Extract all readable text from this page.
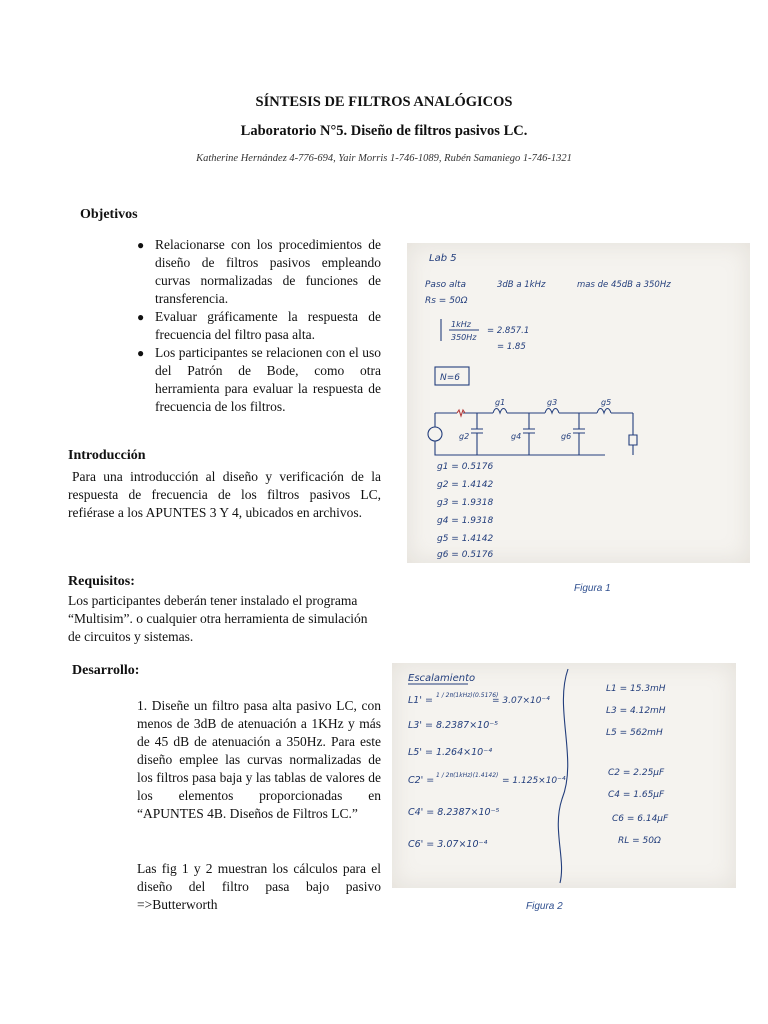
SÍNTESIS DE FILTROS ANALÓGICOS
Laboratorio N°5. Diseño de filtros pasivos LC.
Katherine Hernández 4-776-694, Yair Morris 1-746-1089, Rubén Samaniego 1-746-1321
Objetivos
● Relacionarse con los procedimientos de diseño de filtros pasivos empleando curvas normalizadas de funciones de transferencia.
● Evaluar gráficamente la respuesta de frecuencia del filtro pasa alta.
● Los participantes se relacionen con el uso del Patrón de Bode, como otra herramienta para evaluar la respuesta de frecuencia de los filtros.
Introducción
Para una introducción al diseño y verificación de la respuesta de frecuencia de los filtros pasivos LC, refiérase a los APUNTES 3 Y 4, ubicados en archivos.
Requisitos:
Los participantes deberán tener instalado el programa “Multisim”. o cualquier otra herramienta de simulación de circuitos y sistemas.
Desarrollo:
1. Diseñe un filtro pasa alta pasivo LC, con menos de 3dB de atenuación a 1KHz y más de 45 dB de atenuación a 350Hz. Para este diseño emplee las curvas normalizadas de los filtros pasa baja y las tablas de valores de los elementos proporcionadas en “APUNTES 4B. Diseños de Filtros LC.”
Las fig 1 y 2 muestran los cálculos para el diseño del filtro pasa bajo pasivo =>Butterworth
Lab 5
Paso alta	3dB a 1kHz	mas de 45dB a 350Hz
Rs = 50Ω
1kHz
350Hz
= 2.857.1
= 1.85
N=6
g1	g3	g5
g2	g4	g6
g1 = 0.5176
g2 = 1.4142
g3 = 1.9318
g4 = 1.9318
g5 = 1.4142
g6 = 0.5176
Figura 1
Escalamiento
L1' = 1 / 2π(1kHz)(0.5176)
= 3.07×10⁻⁴
L3' = 8.2387×10⁻⁵
L5' = 1.264×10⁻⁴
C2' = 1 / 2π(1kHz)(1.4142)
= 1.125×10⁻⁴
C4' = 8.2387×10⁻⁵
C6' = 3.07×10⁻⁴
L1 = 15.3mH
L3 = 4.12mH
L5 = 562mH
C2 = 2.25μF
C4 = 1.65μF
C6 = 6.14μF
RL = 50Ω
Figura 2
